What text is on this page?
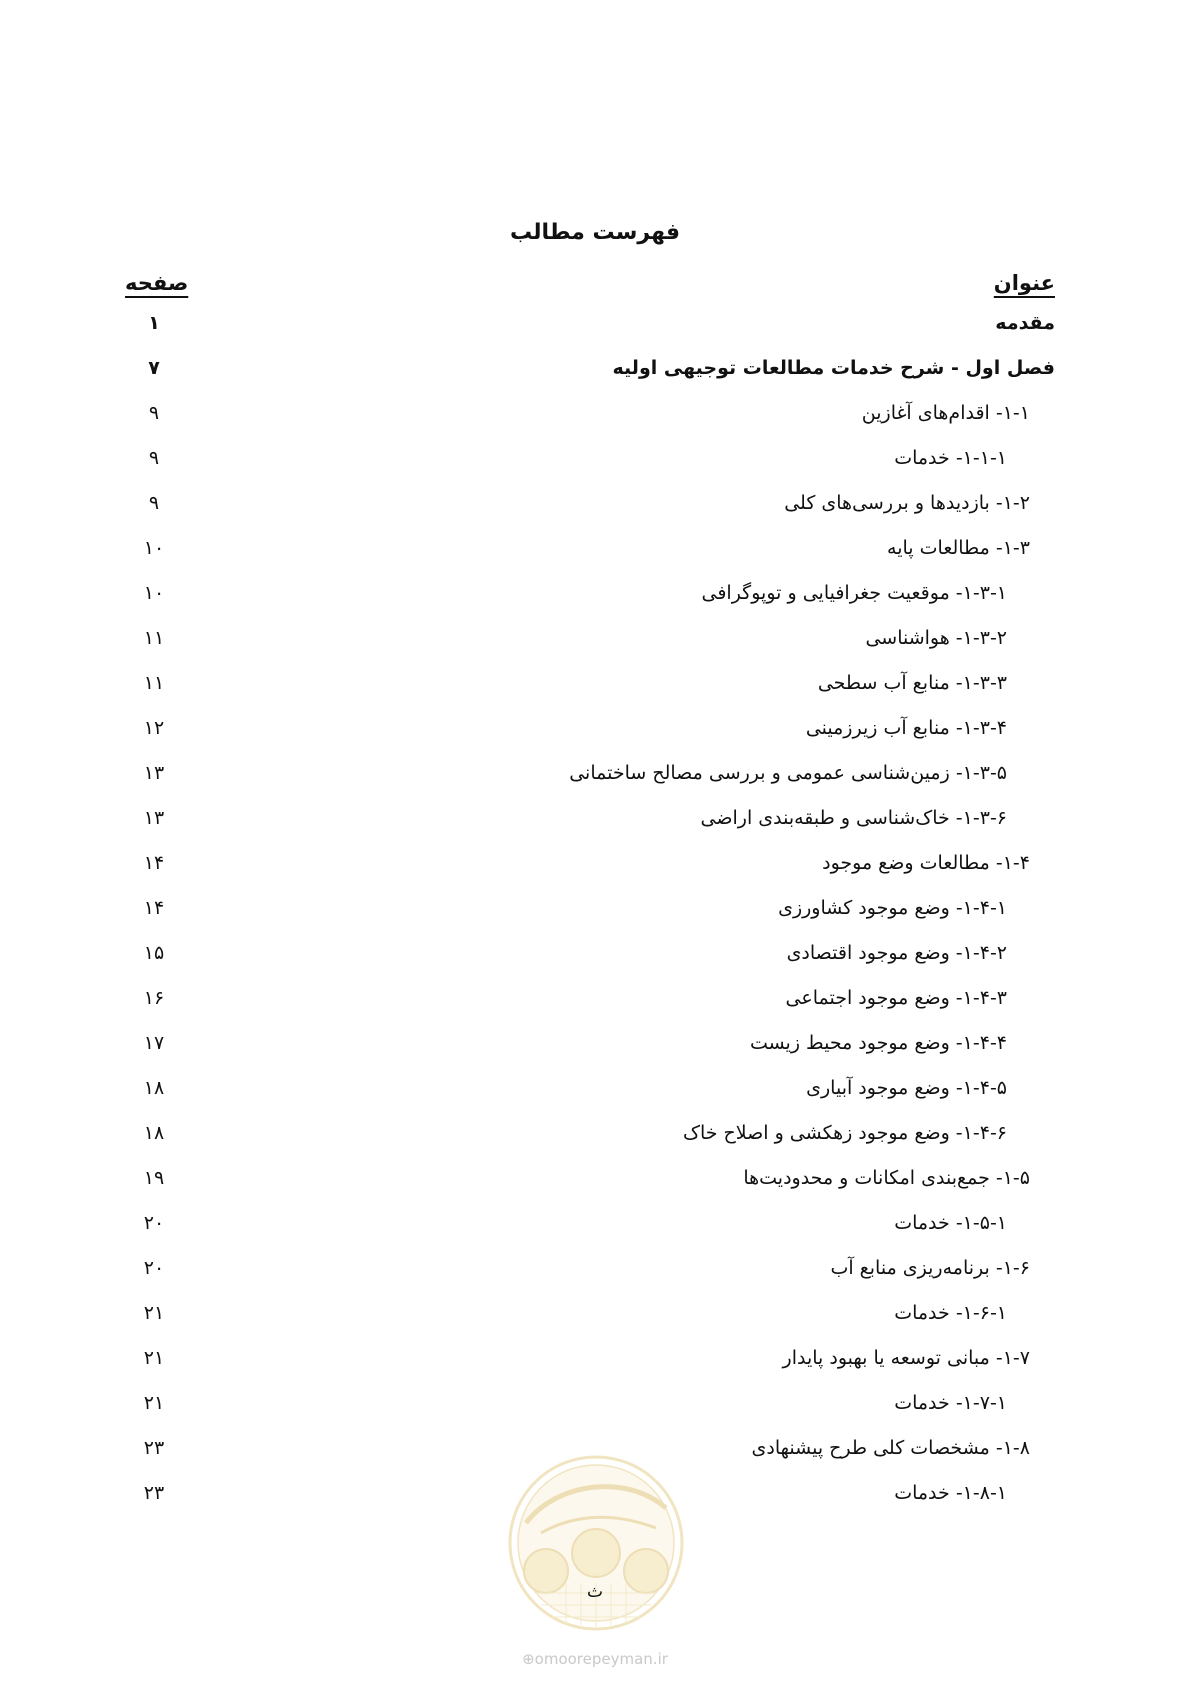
فهرست مطالب
عنوان
صفحه
مقدمه
۱
فصل اول - شرح خدمات مطالعات توجیهی اولیه
۷
۱-۱- اقدام‌های آغازین
۹
۱-۱-۱- خدمات
۹
۱-۲- بازدیدها و بررسی‌های کلی
۹
۱-۳- مطالعات پایه
۱۰
۱-۳-۱- موقعیت جغرافیایی و توپوگرافی
۱۰
۱-۳-۲- هواشناسی
۱۱
۱-۳-۳- منابع آب سطحی
۱۱
۱-۳-۴- منابع آب زیرزمینی
۱۲
۱-۳-۵- زمین‌شناسی عمومی و بررسی مصالح ساختمانی
۱۳
۱-۳-۶- خاک‌شناسی و طبقه‌بندی اراضی
۱۳
۱-۴- مطالعات وضع موجود
۱۴
۱-۴-۱- وضع موجود کشاورزی
۱۴
۱-۴-۲- وضع موجود اقتصادی
۱۵
۱-۴-۳- وضع موجود اجتماعی
۱۶
۱-۴-۴- وضع موجود محیط زیست
۱۷
۱-۴-۵- وضع موجود آبیاری
۱۸
۱-۴-۶- وضع موجود زهکشی و اصلاح خاک
۱۸
۱-۵- جمع‌بندی امکانات و محدودیت‌ها
۱۹
۱-۵-۱- خدمات
۲۰
۱-۶- برنامه‌ریزی منابع آب
۲۰
۱-۶-۱- خدمات
۲۱
۱-۷- مبانی توسعه یا بهبود پایدار
۲۱
۱-۷-۱- خدمات
۲۱
۱-۸- مشخصات کلی طرح پیشنهادی
۲۳
۱-۸-۱- خدمات
۲۳
ث
⊕omoorepeyman.ir
